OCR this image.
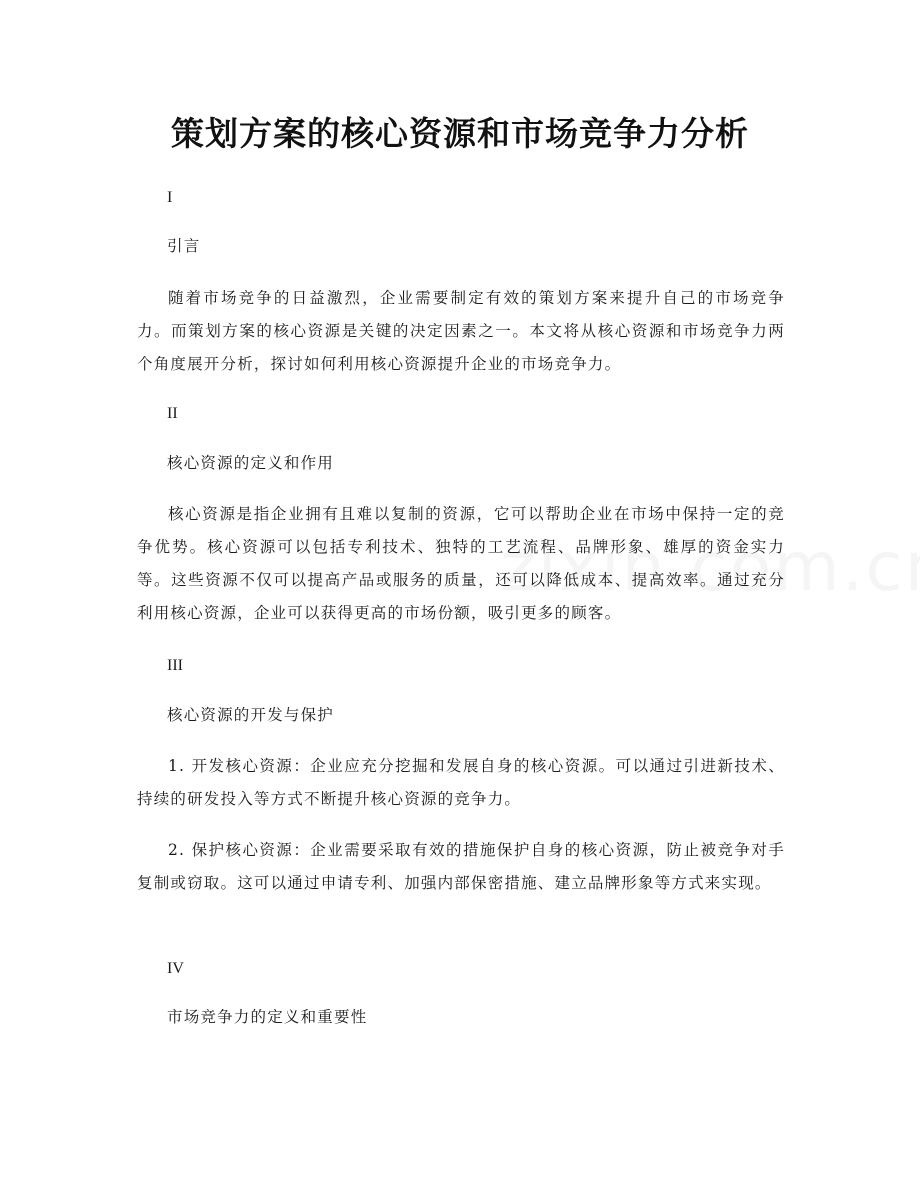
策划方案的核心资源和市场竞争力分析
I
引言

随着市场竞争的日益激烈，企业需要制定有效的策划方案来提升自己的市场竞争力。而策划方案的核心资源是关键的决定因素之一。本文将从核心资源和市场竞争力两个角度展开分析，探讨如何利用核心资源提升企业的市场竞争力。

II
核心资源的定义和作用

核心资源是指企业拥有且难以复制的资源，它可以帮助企业在市场中保持一定的竞争优势。核心资源可以包括专利技术、独特的工艺流程、品牌形象、雄厚的资金实力等。这些资源不仅可以提高产品或服务的质量，还可以降低成本、提高效率。通过充分利用核心资源，企业可以获得更高的市场份额，吸引更多的顾客。

III
核心资源的开发与保护

1. 开发核心资源：企业应充分挖掘和发展自身的核心资源。可以通过引进新技术、持续的研发投入等方式不断提升核心资源的竞争力。

2. 保护核心资源：企业需要采取有效的措施保护自身的核心资源，防止被竞争对手复制或窃取。这可以通过申请专利、加强内部保密措施、建立品牌形象等方式来实现。

IV
市场竞争力的定义和重要性
